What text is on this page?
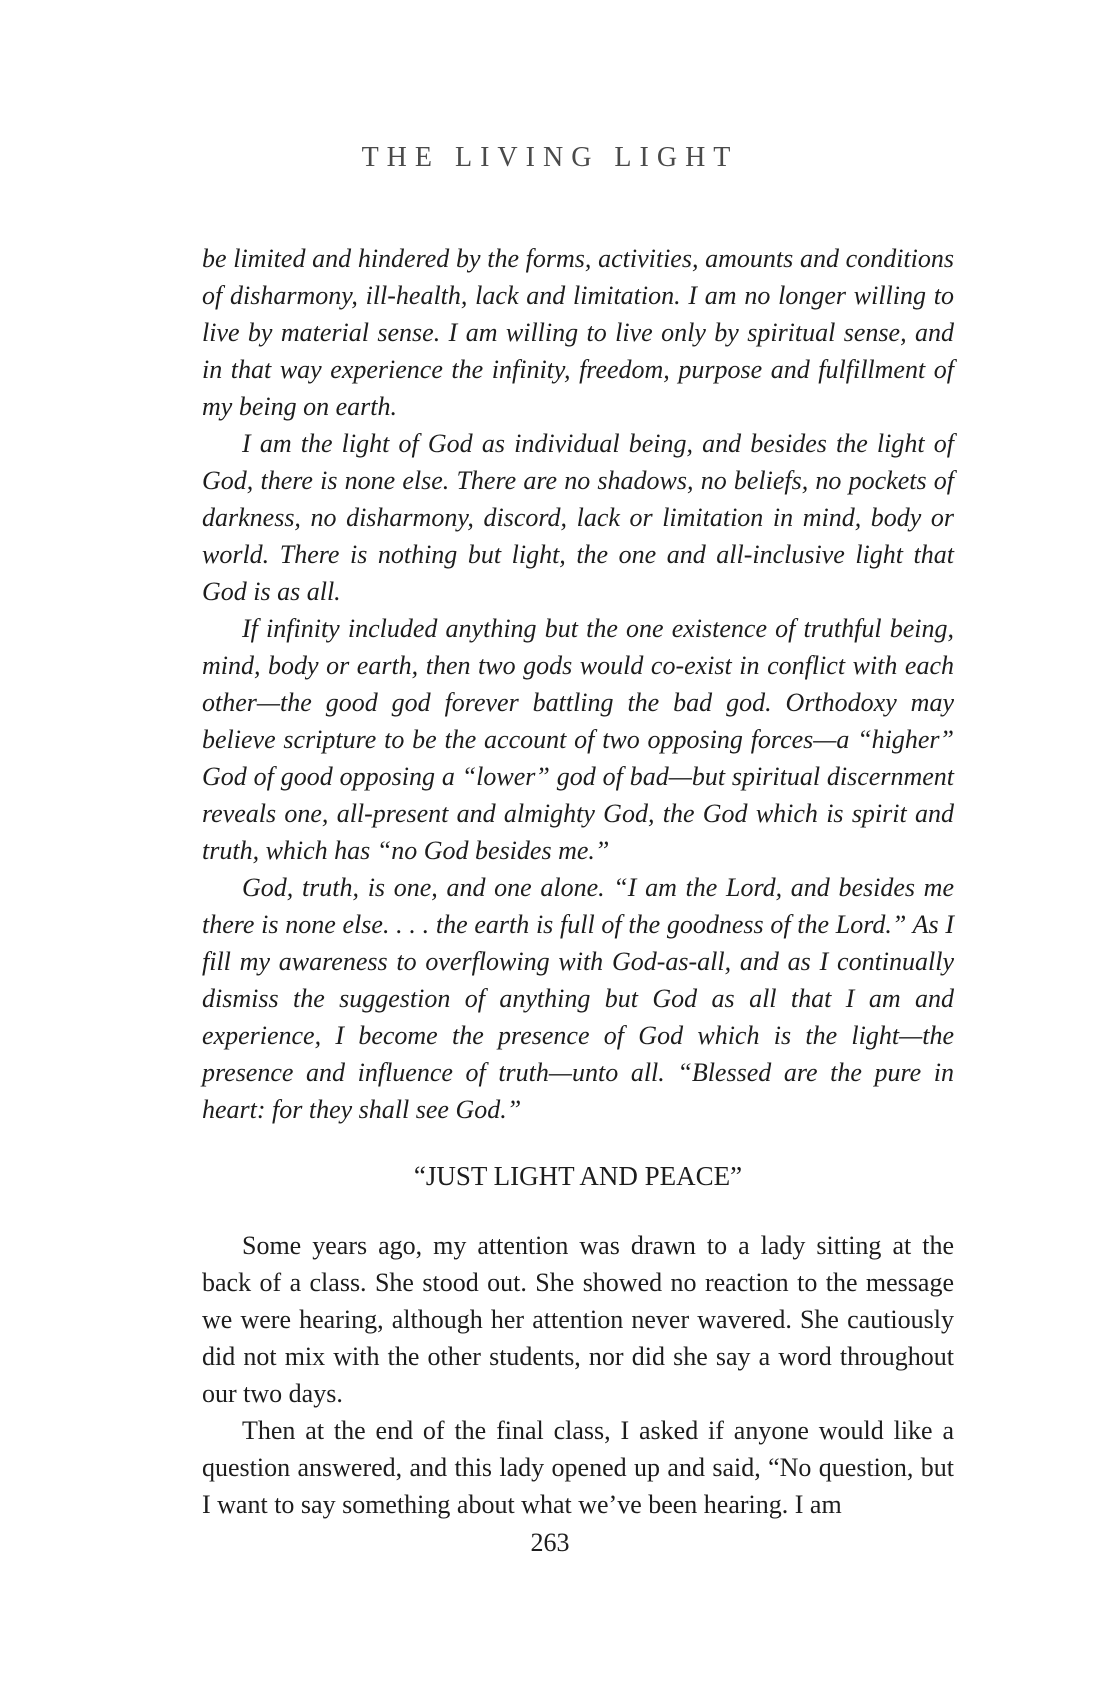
THE LIVING LIGHT

be limited and hindered by the forms, activities, amounts and conditions of disharmony, ill-health, lack and limitation. I am no longer willing to live by material sense. I am willing to live only by spiritual sense, and in that way experience the infinity, freedom, purpose and fulfillment of my being on earth.

I am the light of God as individual being, and besides the light of God, there is none else. There are no shadows, no beliefs, no pockets of darkness, no disharmony, discord, lack or limitation in mind, body or world. There is nothing but light, the one and all-inclusive light that God is as all.

If infinity included anything but the one existence of truthful being, mind, body or earth, then two gods would co-exist in conflict with each other—the good god forever battling the bad god. Orthodoxy may believe scripture to be the account of two opposing forces—a “higher” God of good opposing a “lower” god of bad—but spiritual discernment reveals one, all-present and almighty God, the God which is spirit and truth, which has “no God besides me.”

God, truth, is one, and one alone. “I am the Lord, and besides me there is none else. . . . the earth is full of the goodness of the Lord.” As I fill my awareness to overflowing with God-as-all, and as I continually dismiss the suggestion of anything but God as all that I am and experience, I become the presence of God which is the light—the presence and influence of truth—unto all. “Blessed are the pure in heart: for they shall see God.”

“JUST LIGHT AND PEACE”

Some years ago, my attention was drawn to a lady sitting at the back of a class. She stood out. She showed no reaction to the message we were hearing, although her attention never wavered. She cautiously did not mix with the other students, nor did she say a word throughout our two days.

Then at the end of the final class, I asked if anyone would like a question answered, and this lady opened up and said, “No question, but I want to say something about what we’ve been hearing. I am

263
